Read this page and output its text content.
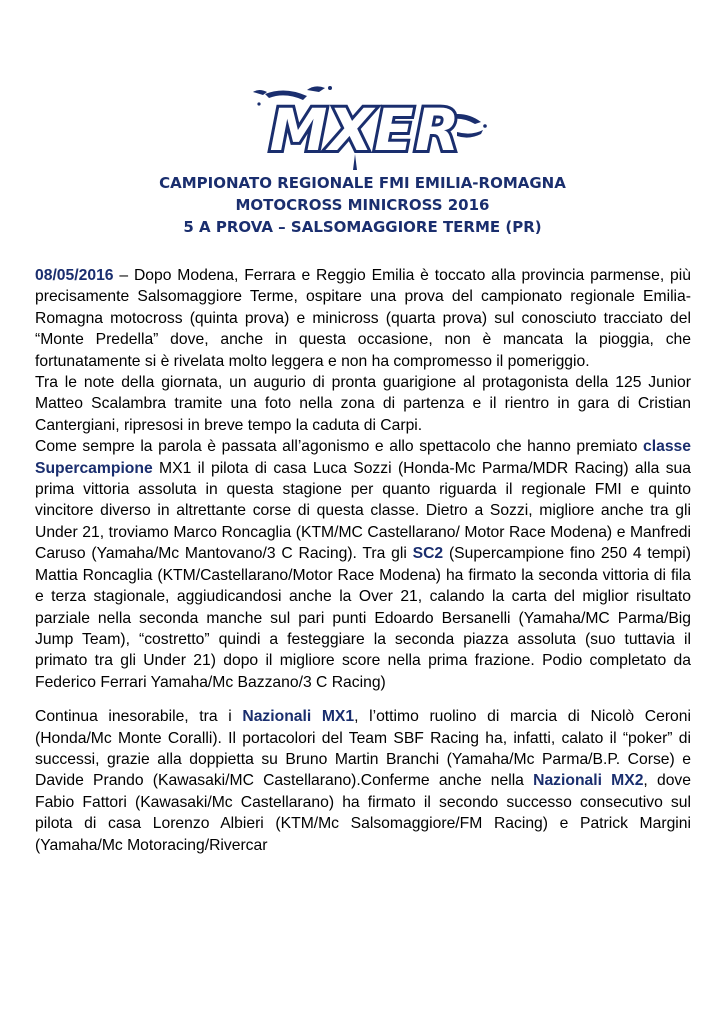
MXER
CAMPIONATO REGIONALE FMI EMILIA-ROMAGNA
MOTOCROSS MINICROSS 2016
5 A PROVA – SALSOMAGGIORE TERME (PR)

08/05/2016 – Dopo Modena, Ferrara e Reggio Emilia è toccato alla provincia parmense, più precisamente Salsomaggiore Terme, ospitare una prova del campionato regionale Emilia-Romagna motocross (quinta prova) e minicross (quarta prova) sul conosciuto tracciato del “Monte Predella” dove, anche in questa occasione, non è mancata la pioggia, che fortunatamente si è rivelata molto leggera e non ha compromesso il pomeriggio.

Tra le note della giornata, un augurio di pronta guarigione al protagonista della 125 Junior Matteo Scalambra tramite una foto nella zona di partenza e il rientro in gara di Cristian Cantergiani, ripresosi in breve tempo la caduta di Carpi.

Come sempre la parola è passata all’agonismo e allo spettacolo che hanno premiato classe Supercampione MX1 il pilota di casa Luca Sozzi (Honda-Mc Parma/MDR Racing) alla sua prima vittoria assoluta in questa stagione per quanto riguarda il regionale FMI e quinto vincitore diverso in altrettante corse di questa classe. Dietro a Sozzi, migliore anche tra gli Under 21, troviamo Marco Roncaglia (KTM/MC Castellarano/ Motor Race Modena) e Manfredi Caruso (Yamaha/Mc Mantovano/3 C Racing). Tra gli SC2 (Supercampione fino 250 4 tempi) Mattia Roncaglia (KTM/Castellarano/Motor Race Modena) ha firmato la seconda vittoria di fila e terza stagionale, aggiudicandosi anche la Over 21, calando la carta del miglior risultato parziale nella seconda manche sul pari punti Edoardo Bersanelli (Yamaha/MC Parma/Big Jump Team), “costretto” quindi a festeggiare la seconda piazza assoluta (suo tuttavia il primato tra gli Under 21) dopo il migliore score nella prima frazione. Podio completato da Federico Ferrari Yamaha/Mc Bazzano/3 C Racing)

Continua inesorabile, tra i Nazionali MX1, l’ottimo ruolino di marcia di Nicolò Ceroni (Honda/Mc Monte Coralli). Il portacolori del Team SBF Racing ha, infatti, calato il “poker” di successi, grazie alla doppietta su Bruno Martin Branchi (Yamaha/Mc Parma/B.P. Corse) e Davide Prando (Kawasaki/MC Castellarano).Conferme anche nella Nazionali MX2, dove Fabio Fattori (Kawasaki/Mc Castellarano) ha firmato il secondo successo consecutivo sul pilota di casa Lorenzo Albieri (KTM/Mc Salsomaggiore/FM Racing) e Patrick Margini (Yamaha/Mc Motoracing/Rivercar
